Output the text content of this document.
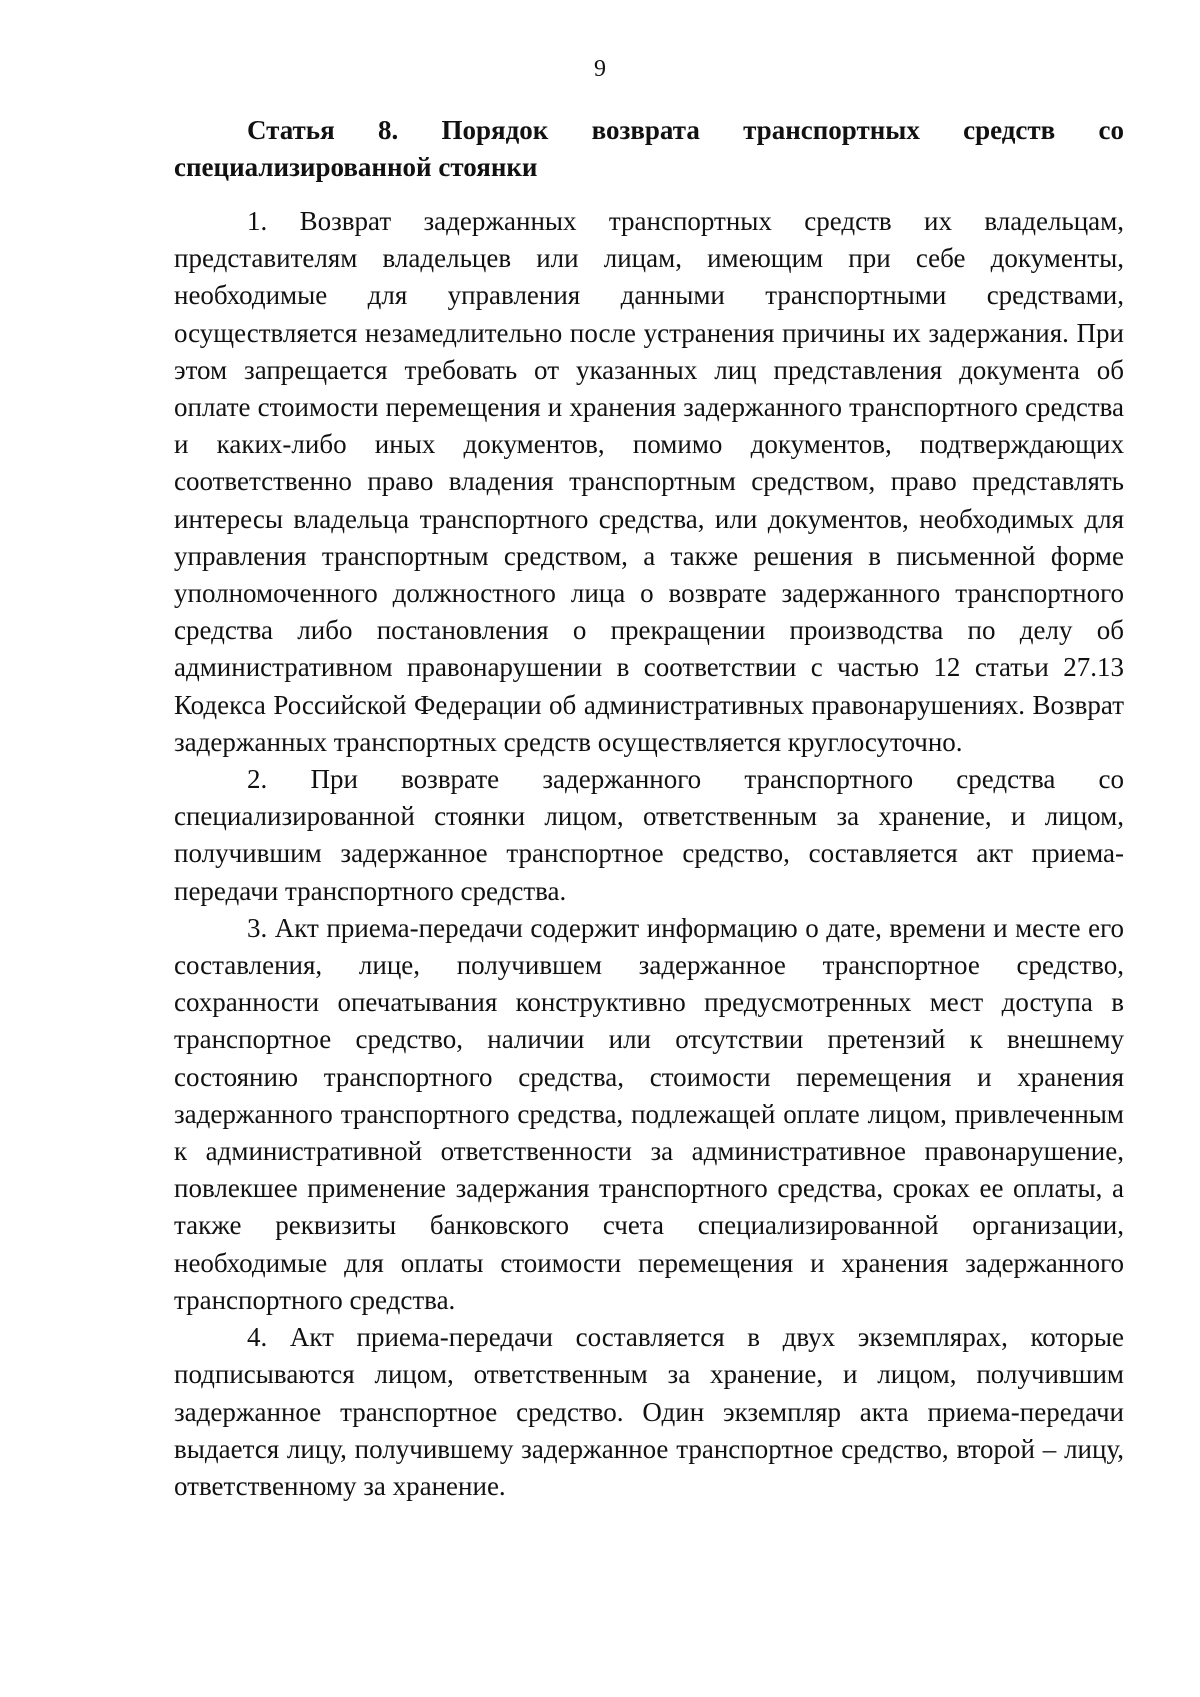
9
Статья 8. Порядок возврата транспортных средств со
специализированной стоянки

1. Возврат задержанных транспортных средств их владельцам, представителям владельцев или лицам, имеющим при себе документы, необходимые для управления данными транспортными средствами, осуществляется незамедлительно после устранения причины их задержания. При этом запрещается требовать от указанных лиц представления документа об оплате стоимости перемещения и хранения задержанного транспортного средства и каких-либо иных документов, помимо документов, подтверждающих соответственно право владения транспортным средством, право представлять интересы владельца транспортного средства, или документов, необходимых для управления транспортным средством, а также решения в письменной форме уполномоченного должностного лица о возврате задержанного транспортного средства либо постановления о прекращении производства по делу об административном правонарушении в соответствии с частью 12 статьи 27.13 Кодекса Российской Федерации об административных правонарушениях. Возврат задержанных транспортных средств осуществляется круглосуточно.

2. При возврате задержанного транспортного средства со специализированной стоянки лицом, ответственным за хранение, и лицом, получившим задержанное транспортное средство, составляется акт приема-передачи транспортного средства.

3. Акт приема-передачи содержит информацию о дате, времени и месте его составления, лице, получившем задержанное транспортное средство, сохранности опечатывания конструктивно предусмотренных мест доступа в транспортное средство, наличии или отсутствии претензий к внешнему состоянию транспортного средства, стоимости перемещения и хранения задержанного транспортного средства, подлежащей оплате лицом, привлеченным к административной ответственности за административное правонарушение, повлекшее применение задержания транспортного средства, сроках ее оплаты, а также реквизиты банковского счета специализированной организации, необходимые для оплаты стоимости перемещения и хранения задержанного транспортного средства.

4. Акт приема-передачи составляется в двух экземплярах, которые подписываются лицом, ответственным за хранение, и лицом, получившим задержанное транспортное средство. Один экземпляр акта приема-передачи выдается лицу, получившему задержанное транспортное средство, второй – лицу, ответственному за хранение.
